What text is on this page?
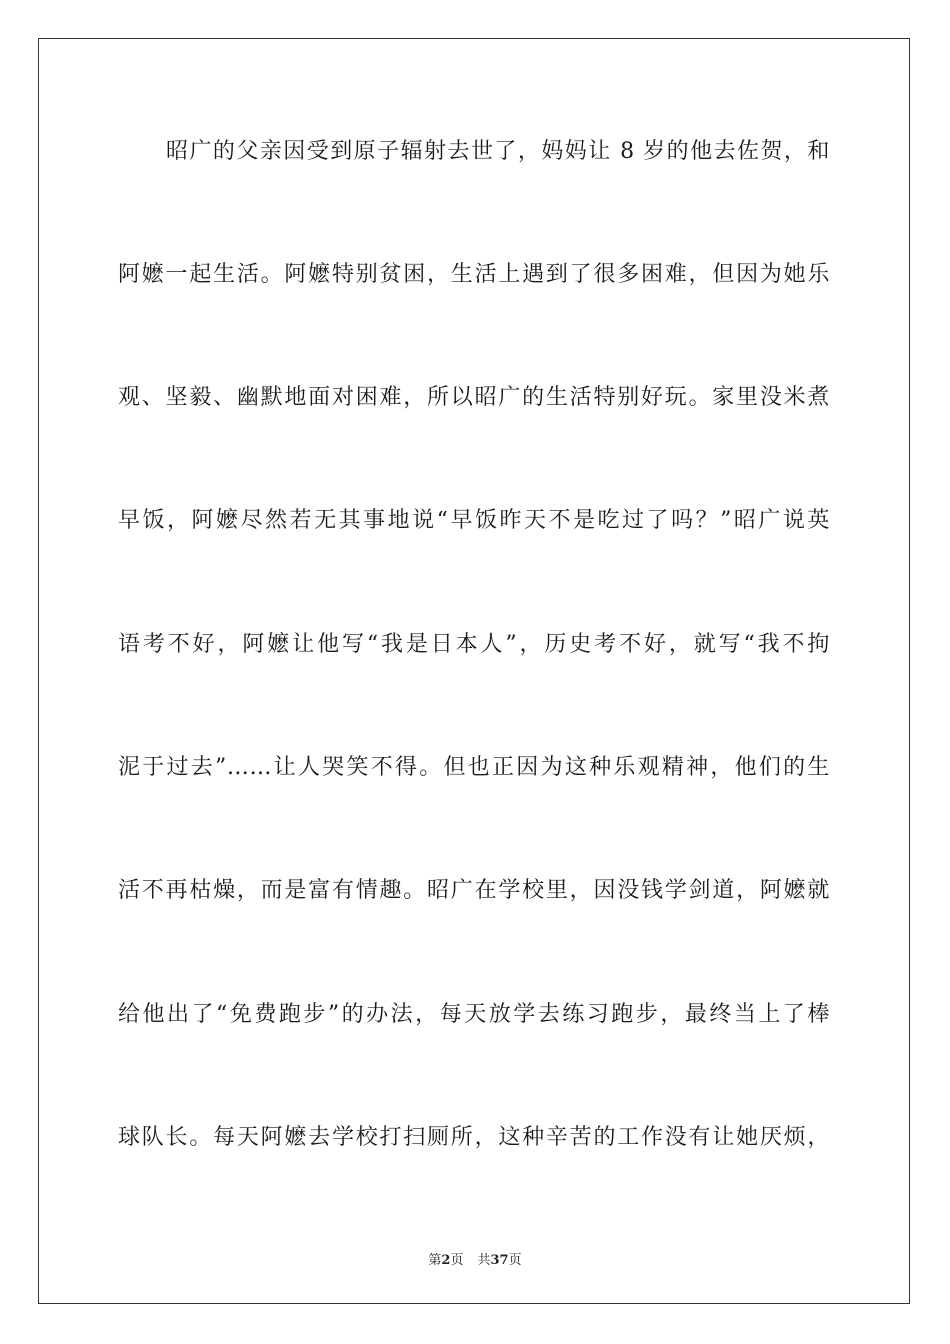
昭广的父亲因受到原子辐射去世了，妈妈让 8 岁的他去佐贺，和

阿嬷一起生活。阿嬷特别贫困，生活上遇到了很多困难，但因为她乐

观、坚毅、幽默地面对困难，所以昭广的生活特别好玩。家里没米煮

早饭，阿嬷尽然若无其事地说“早饭昨天不是吃过了吗？”昭广说英

语考不好，阿嬷让他写“我是日本人”，历史考不好，就写“我不拘

泥于过去”……让人哭笑不得。但也正因为这种乐观精神，他们的生

活不再枯燥，而是富有情趣。昭广在学校里，因没钱学剑道，阿嬷就

给他出了“免费跑步”的办法，每天放学去练习跑步，最终当上了棒

球队长。每天阿嬷去学校打扫厕所，这种辛苦的工作没有让她厌烦，

第2页 共37页
